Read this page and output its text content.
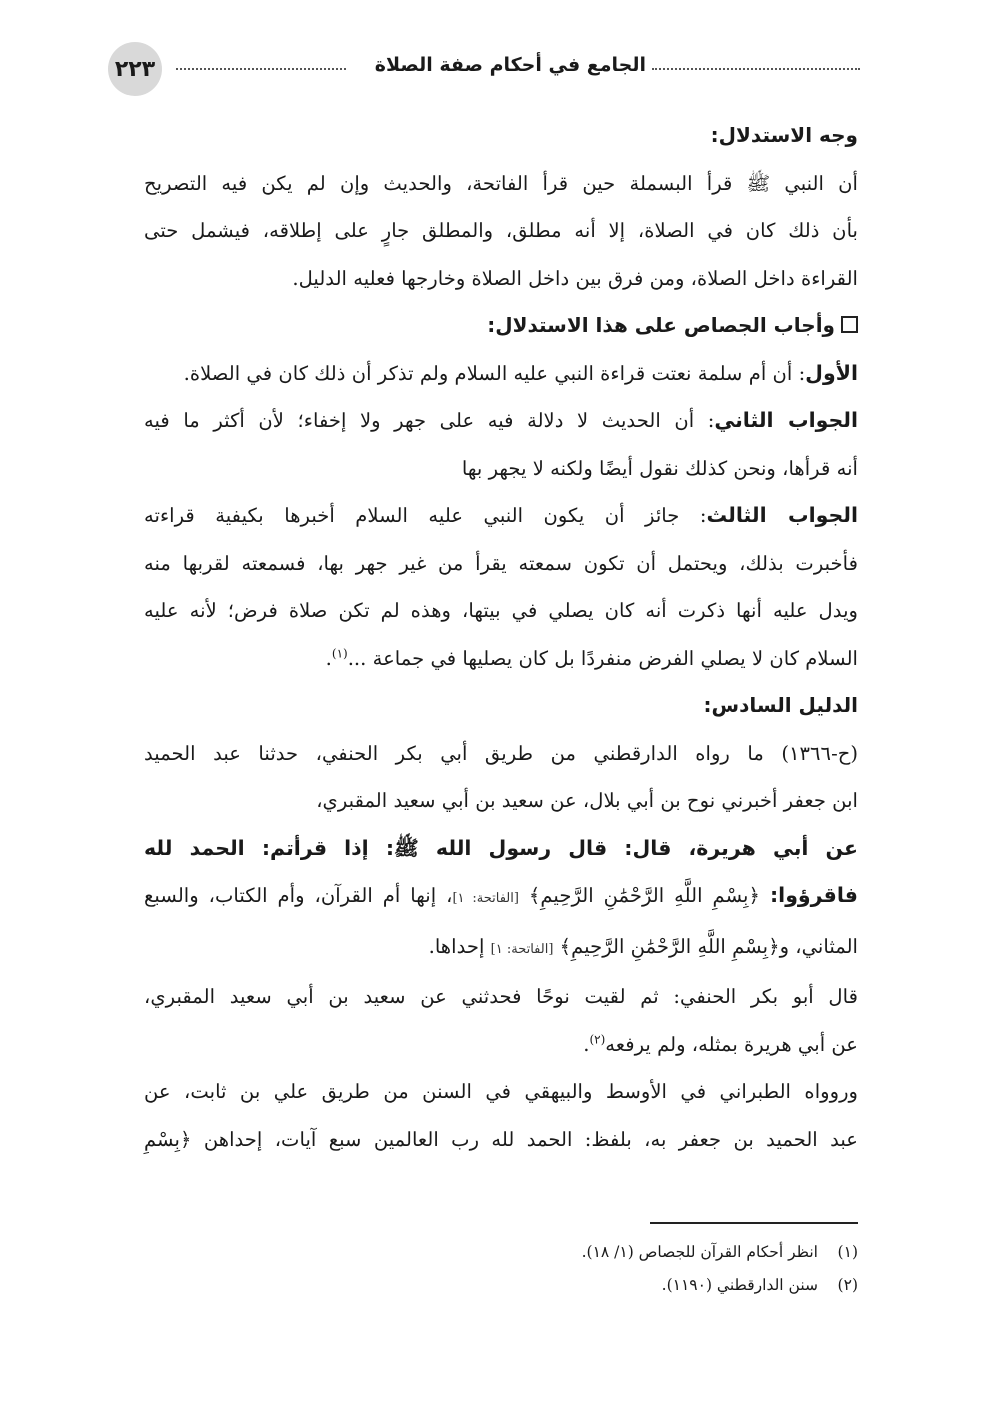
٢٢٣	الجامع في أحكام صفة الصلاة
وجه الاستدلال:
أن النبي ﷺ قرأ البسملة حين قرأ الفاتحة، والحديث وإن لم يكن فيه التصريح
بأن ذلك كان في الصلاة، إلا أنه مطلق، والمطلق جارٍ على إطلاقه، فيشمل حتى
القراءة داخل الصلاة، ومن فرق بين داخل الصلاة وخارجها فعليه الدليل.
وأجاب الجصاص على هذا الاستدلال:
الأول: أن أم سلمة نعتت قراءة النبي عليه السلام ولم تذكر أن ذلك كان في الصلاة.
الجواب الثاني: أن الحديث لا دلالة فيه على جهر ولا إخفاء؛ لأن أكثر ما فيه
أنه قرأها، ونحن كذلك نقول أيضًا ولكنه لا يجهر بها
الجواب الثالث: جائز أن يكون النبي عليه السلام أخبرها بكيفية قراءته
فأخبرت بذلك، ويحتمل أن تكون سمعته يقرأ من غير جهر بها، فسمعته لقربها منه
ويدل عليه أنها ذكرت أنه كان يصلي في بيتها، وهذه لم تكن صلاة فرض؛ لأنه عليه
السلام كان لا يصلي الفرض منفردًا بل كان يصليها في جماعة ...$^{(١)}$.
الدليل السادس:
(ح-١٣٦٦) ما رواه الدارقطني من طريق أبي بكر الحنفي، حدثنا عبد الحميد
ابن جعفر أخبرني نوح بن أبي بلال، عن سعيد بن أبي سعيد المقبري،
عن أبي هريرة، قال: قال رسول الله ﷺ: إذا قرأتم: الحمد لله
فاقرؤوا: ﴿بِسْمِ اللَّهِ الرَّحْمَٰنِ الرَّحِيمِ﴾ [الفاتحة: ١]، إنها أم القرآن، وأم الكتاب، والسبع
المثاني، و﴿بِسْمِ اللَّهِ الرَّحْمَٰنِ الرَّحِيمِ﴾ [الفاتحة: ١] إحداها.
قال أبو بكر الحنفي: ثم لقيت نوحًا فحدثني عن سعيد بن أبي سعيد المقبري،
عن أبي هريرة بمثله، ولم يرفعه$^{(٢)}$.
وروواه الطبراني في الأوسط والبيهقي في السنن من طريق علي بن ثابت، عن
عبد الحميد بن جعفر به، بلفظ: الحمد لله رب العالمين سبع آيات، إحداهن ﴿بِسْمِ
(١)انظر أحكام القرآن للجصاص (١/ ١٨).
(٢)سنن الدارقطني (١١٩٠).
